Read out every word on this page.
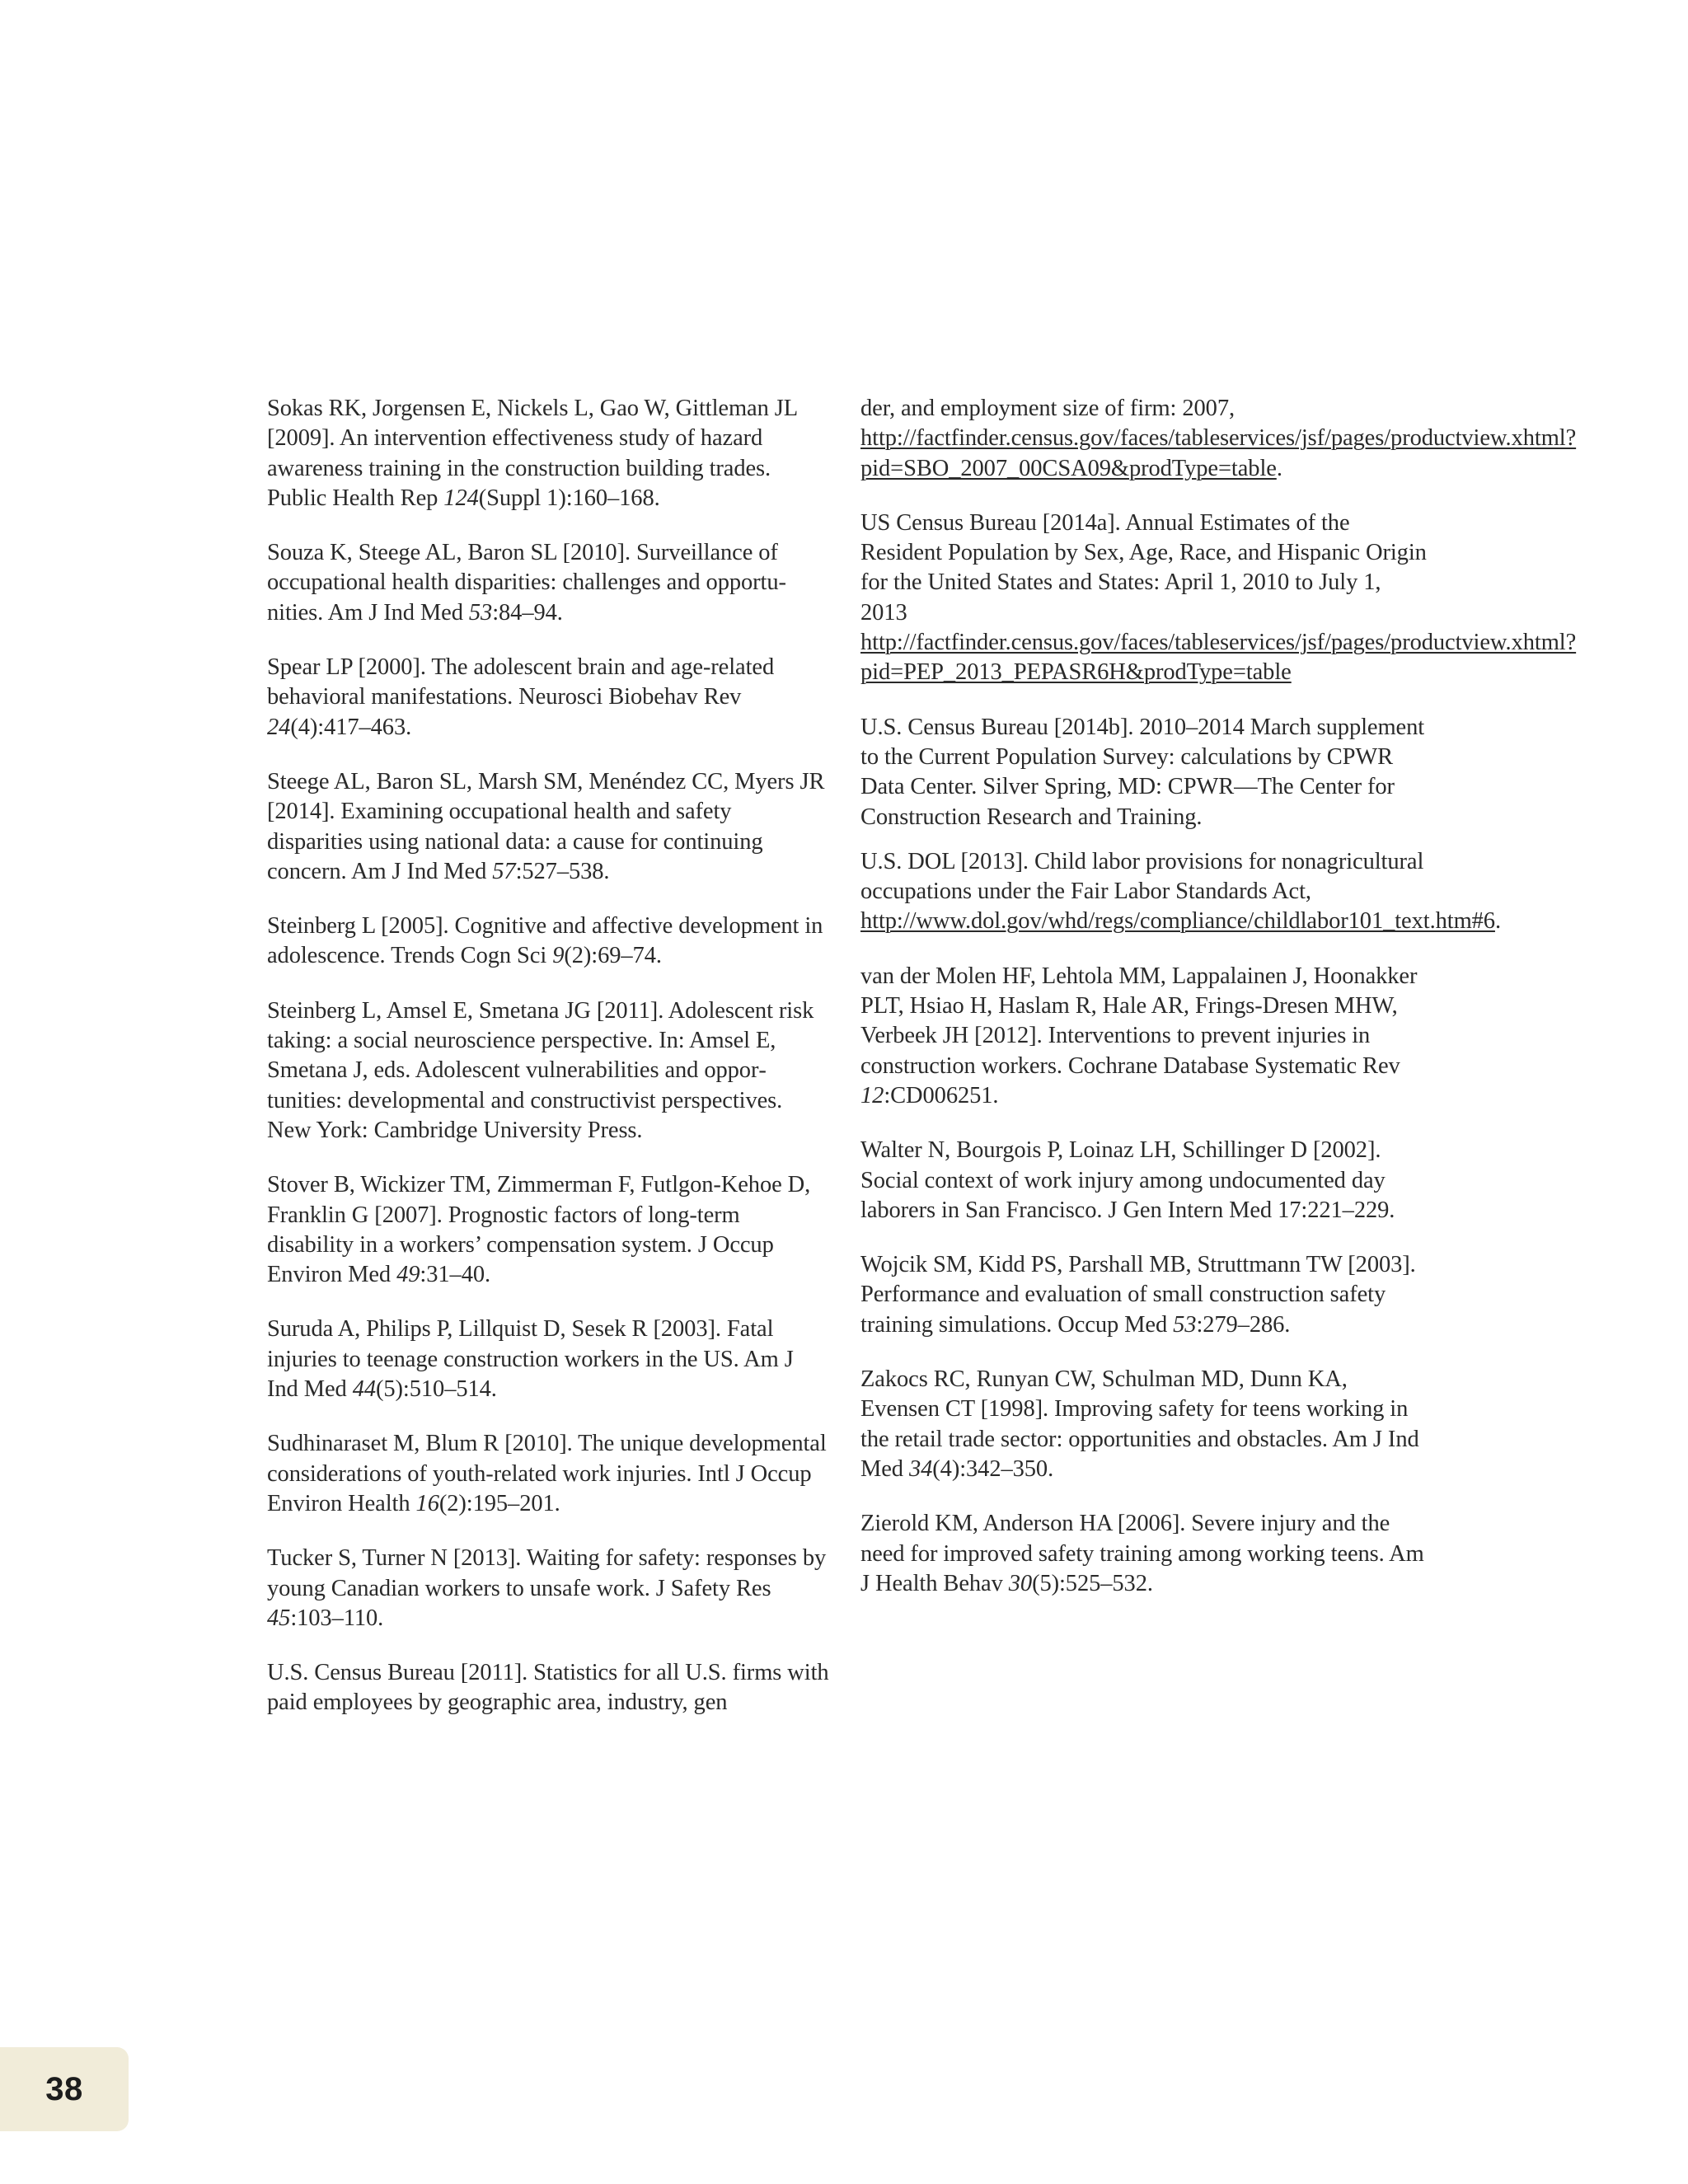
Sokas RK, Jorgensen E, Nickels L, Gao W, Gittleman JL [2009]. An intervention effectiveness study of hazard awareness training in the construction building trades. Public Health Rep 124(Suppl 1):160–168.

Souza K, Steege AL, Baron SL [2010]. Surveillance of occupational health disparities: challenges and opportunities. Am J Ind Med 53:84–94.

Spear LP [2000]. The adolescent brain and age-related behavioral manifestations. Neurosci Biobehav Rev 24(4):417–463.

Steege AL, Baron SL, Marsh SM, Menéndez CC, Myers JR [2014]. Examining occupational health and safety disparities using national data: a cause for continuing concern. Am J Ind Med 57:527–538.

Steinberg L [2005]. Cognitive and affective development in adolescence. Trends Cogn Sci 9(2):69–74.

Steinberg L, Amsel E, Smetana JG [2011]. Adolescent risk taking: a social neuroscience perspective. In: Amsel E, Smetana J, eds. Adolescent vulnerabilities and opportunities: developmental and constructivist perspectives. New York: Cambridge University Press.

Stover B, Wickizer TM, Zimmerman F, Futlgon-Kehoe D, Franklin G [2007]. Prognostic factors of long-term disability in a workers’ compensation system. J Occup Environ Med 49:31–40.

Suruda A, Philips P, Lillquist D, Sesek R [2003]. Fatal injuries to teenage construction workers in the US. Am J Ind Med 44(5):510–514.

Sudhinaraset M, Blum R [2010]. The unique developmental considerations of youth-related work injuries. Intl J Occup Environ Health 16(2):195–201.

Tucker S, Turner N [2013]. Waiting for safety: responses by young Canadian workers to unsafe work. J Safety Res 45:103–110.

U.S. Census Bureau [2011]. Statistics for all U.S. firms with paid employees by geographic area, industry, gen

der, and employment size of firm: 2007, http://factfinder.census.gov/faces/tableservices/jsf/pages/productview.xhtml?pid=SBO_2007_00CSA09&prodType=table.

US Census Bureau [2014a]. Annual Estimates of the Resident Population by Sex, Age, Race, and Hispanic Origin for the United States and States: April 1, 2010 to July 1, 2013 http://factfinder.census.gov/faces/tableservices/jsf/pages/productview.xhtml?pid=PEP_2013_PEPASR6H&prodType=table

U.S. Census Bureau [2014b]. 2010–2014 March supplement to the Current Population Survey: calculations by CPWR Data Center. Silver Spring, MD: CPWR—The Center for Construction Research and Training.

U.S. DOL [2013]. Child labor provisions for nonagricultural occupations under the Fair Labor Standards Act, http://www.dol.gov/whd/regs/compliance/childlabor101_text.htm#6.

van der Molen HF, Lehtola MM, Lappalainen J, Hoonakker PLT, Hsiao H, Haslam R, Hale AR, Frings-Dresen MHW, Verbeek JH [2012]. Interventions to prevent injuries in construction workers. Cochrane Database Systematic Rev 12:CD006251.

Walter N, Bourgois P, Loinaz LH, Schillinger D [2002]. Social context of work injury among undocumented day laborers in San Francisco. J Gen Intern Med 17:221–229.

Wojcik SM, Kidd PS, Parshall MB, Struttmann TW [2003]. Performance and evaluation of small construction safety training simulations. Occup Med 53:279–286.

Zakocs RC, Runyan CW, Schulman MD, Dunn KA, Evensen CT [1998]. Improving safety for teens working in the retail trade sector: opportunities and obstacles. Am J Ind Med 34(4):342–350.

Zierold KM, Anderson HA [2006]. Severe injury and the need for improved safety training among working teens. Am J Health Behav 30(5):525–532.

38
